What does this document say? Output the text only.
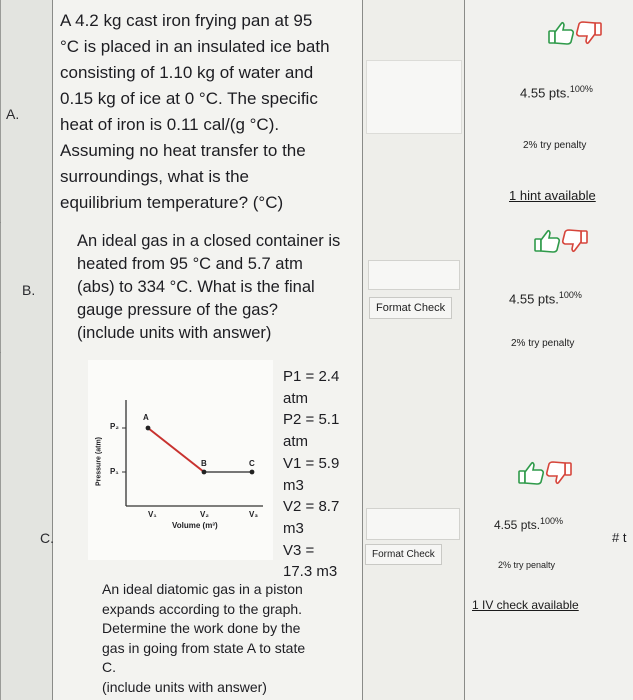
A.
A 4.2 kg cast iron frying pan at 95
°C is placed in an insulated ice bath
consisting of 1.10 kg of water and
0.15 kg of ice at 0 °C. The specific
heat of iron is 0.11 cal/(g °C).
Assuming no heat transfer to the
surroundings, what is the
equilibrium temperature? (°C)
4.55 pts.$^{100\%}$
2% try penalty
1 hint available
B.
An ideal gas in a closed container is
heated from 95 °C and 5.7 atm
(abs) to 334 °C. What is the final
gauge pressure of the gas?
(include units with answer)
Format Check
4.55 pts.$^{100\%}$
2% try penalty
C.
Pressure (atm)
P₂
P₁
V₁	V₂	V₃
Volume (m³)
A
B	C
P1 = 2.4
atm
P2 = 5.1
atm
V1 = 5.9
m3
V2 = 8.7
m3
V3 =
17.3 m3
An ideal diatomic gas in a piston
expands according to the graph.
Determine the work done by the
gas in going from state A to state
C.
(include units with answer)
Format Check
4.55 pts.$^{100\%}$
2% try penalty
1 IV check available
# t
